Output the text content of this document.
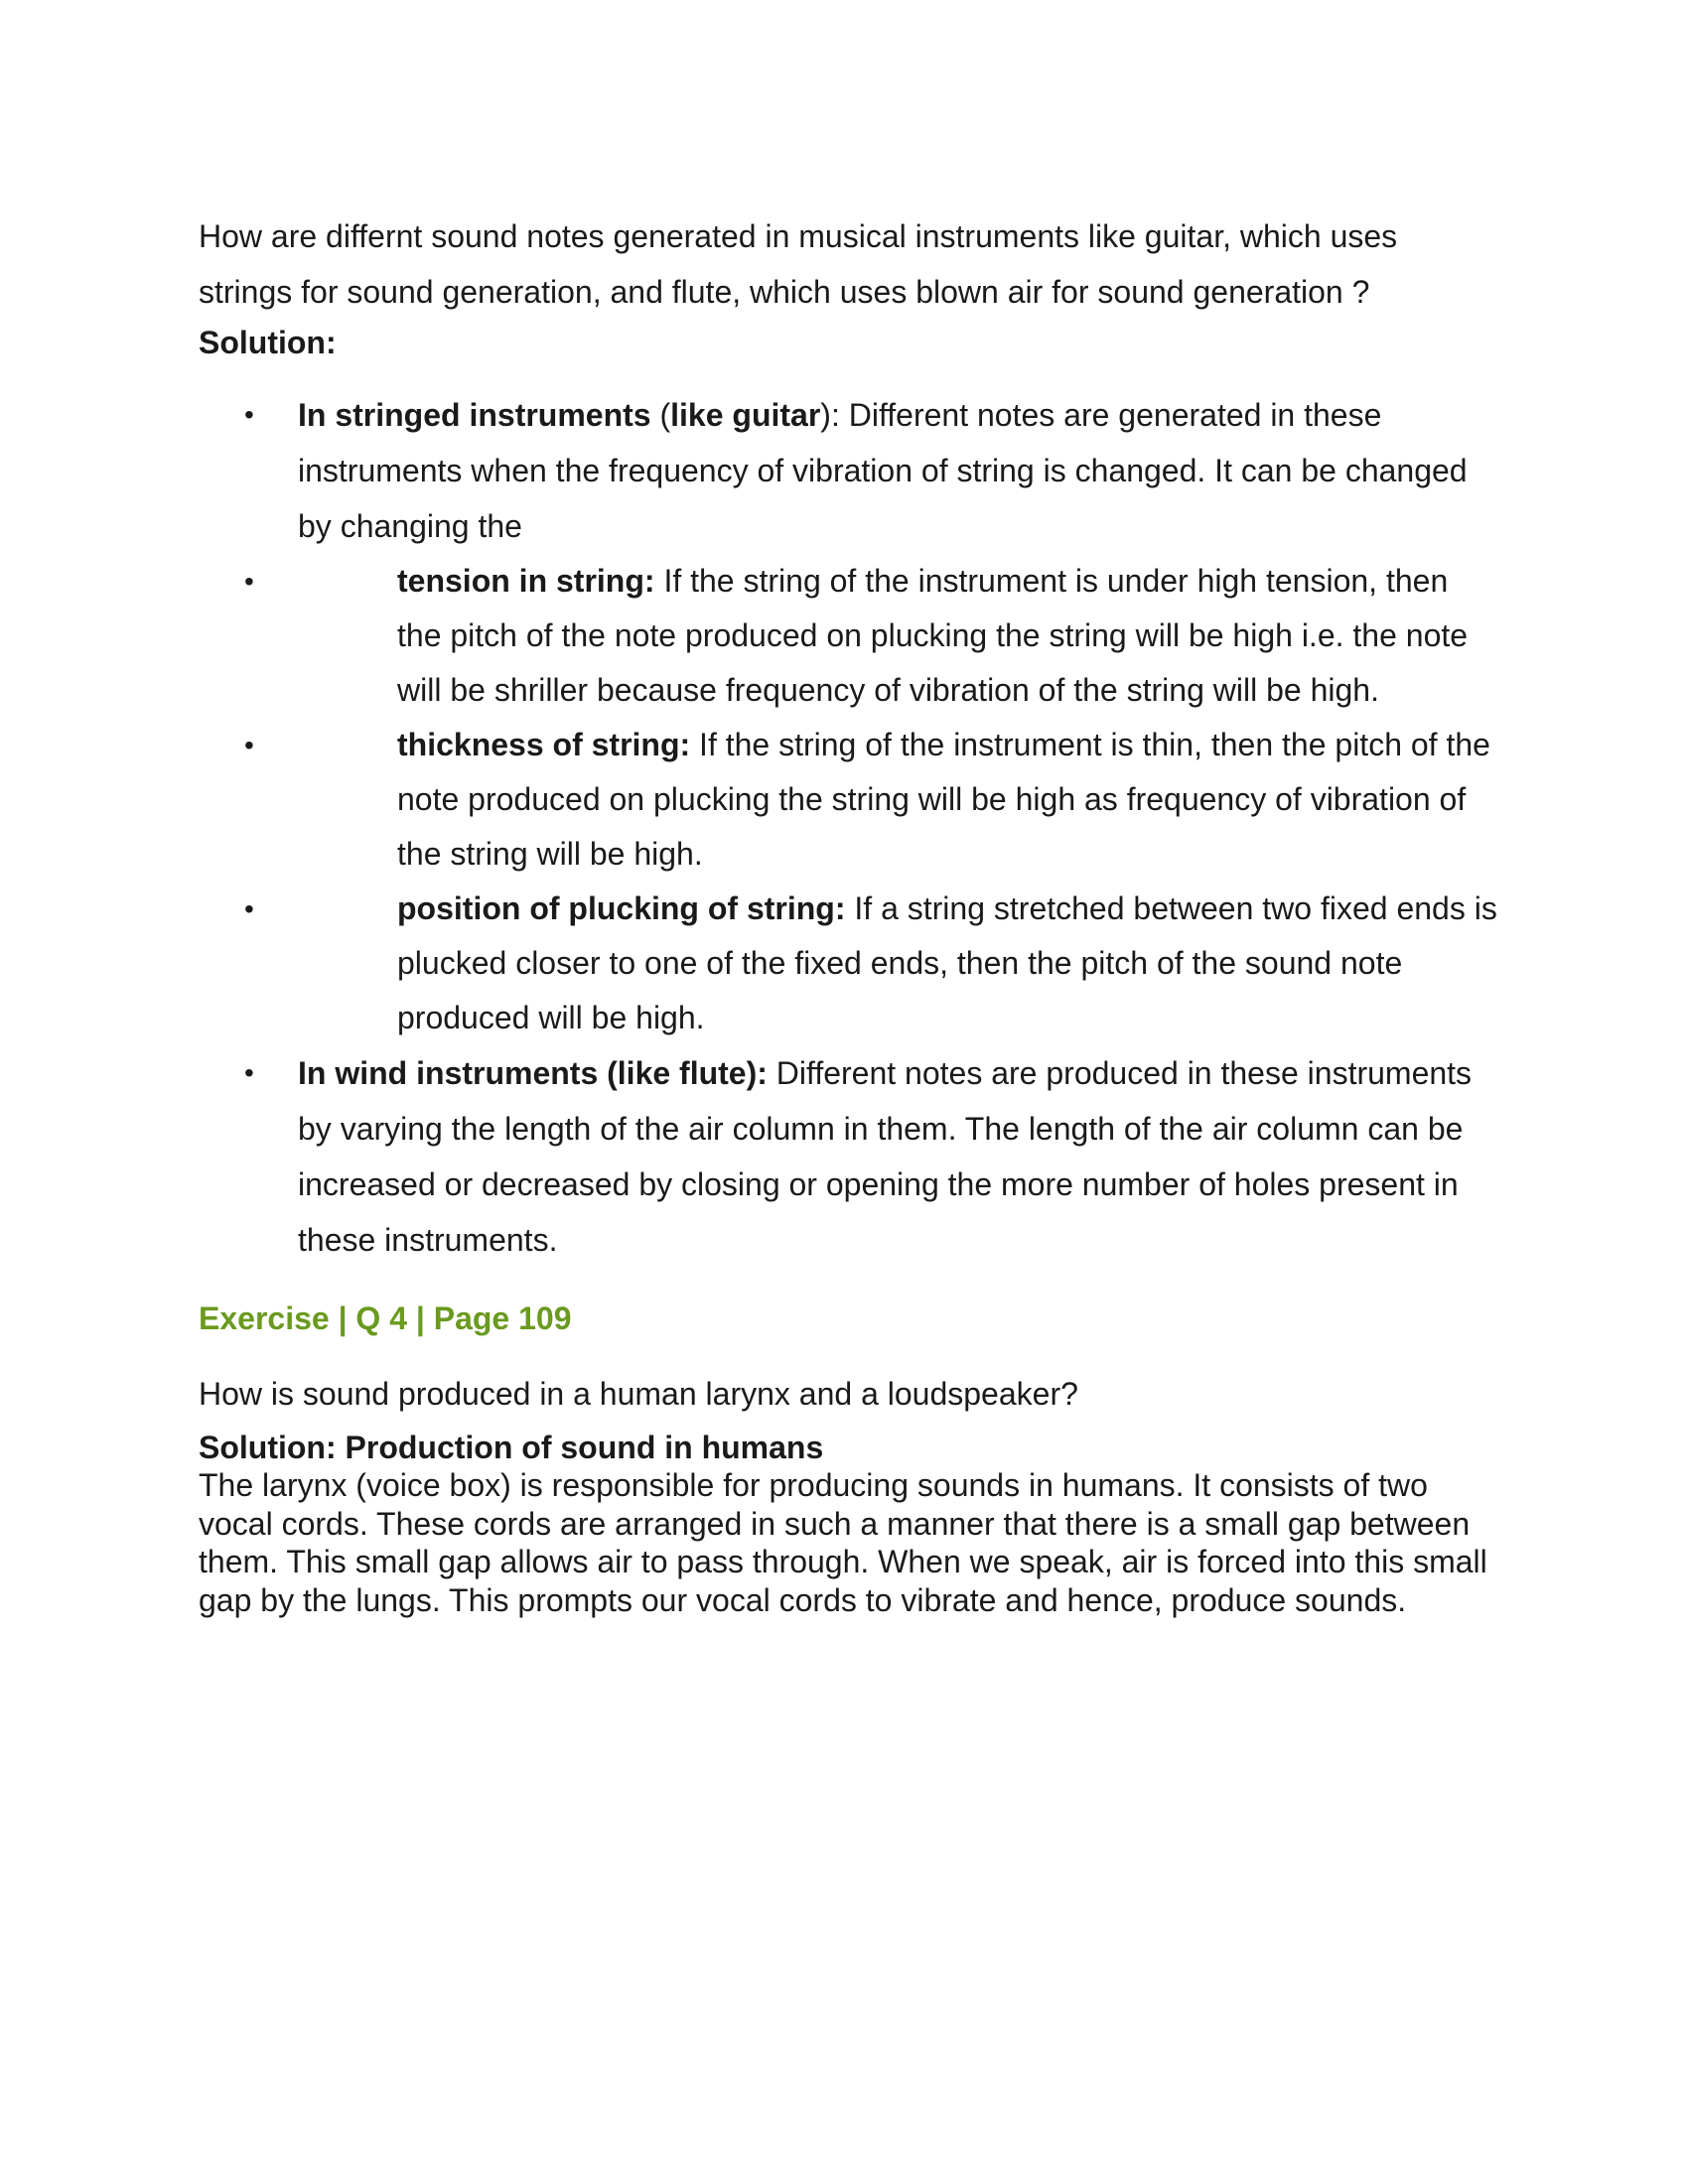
How are differnt sound notes generated in musical instruments like guitar, which uses strings for sound generation, and flute, which uses blown air for sound generation ?

Solution:

• In stringed instruments (like guitar): Different notes are generated in these instruments when the frequency of vibration of string is changed. It can be changed by changing the
• tension in string: If the string of the instrument is under high tension, then the pitch of the note produced on plucking the string will be high i.e. the note will be shriller because frequency of vibration of the string will be high.
• thickness of string: If the string of the instrument is thin, then the pitch of the note produced on plucking the string will be high as frequency of vibration of the string will be high.
• position of plucking of string: If a string stretched between two fixed ends is plucked closer to one of the fixed ends, then the pitch of the sound note produced will be high.
• In wind instruments (like flute): Different notes are produced in these instruments by varying the length of the air column in them. The length of the air column can be increased or decreased by closing or opening the more number of holes present in these instruments.

Exercise | Q 4 | Page 109

How is sound produced in a human larynx and a loudspeaker?

Solution: Production of sound in humans

The larynx (voice box) is responsible for producing sounds in humans. It consists of two vocal cords. These cords are arranged in such a manner that there is a small gap between them. This small gap allows air to pass through. When we speak, air is forced into this small gap by the lungs. This prompts our vocal cords to vibrate and hence, produce sounds.
